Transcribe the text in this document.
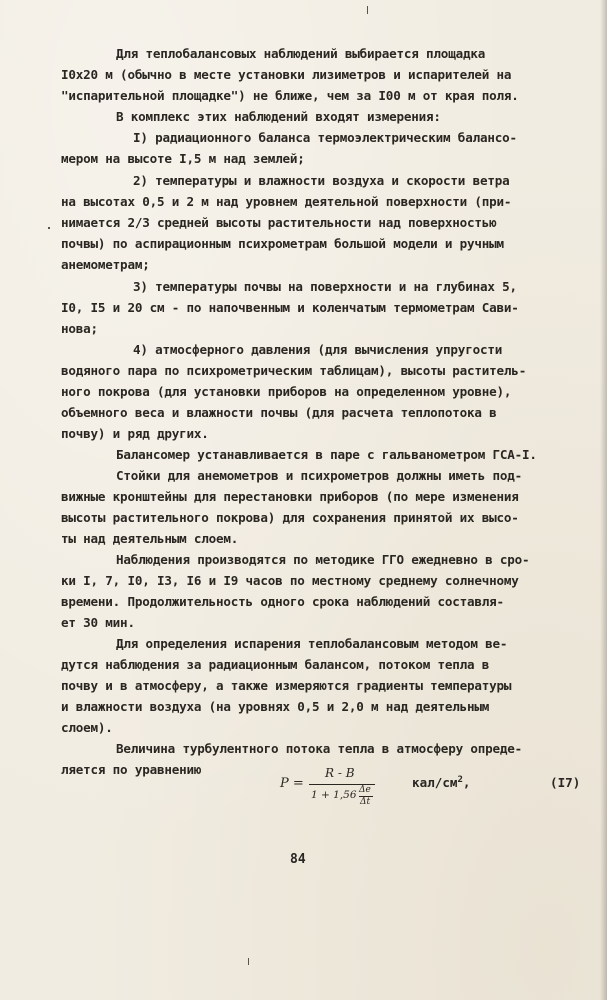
Для теплобалансовых наблюдений выбирается площадка
I0х20 м (обычно в месте установки лизиметров и испарителей на
"испарительной площадке") не ближе, чем за I00 м от края поля.
В комплекс этих наблюдений входят измерения:
I) радиационного баланса термоэлектрическим балансо-
мером на высоте I,5 м над землей;
2) температуры и влажности воздуха и скорости ветра
на высотах 0,5 и 2 м над уровнем деятельной поверхности (при-
нимается 2/3 средней высоты растительности над поверхностью
почвы) по аспирационным психрометрам большой модели и ручным
анемометрам;
3) температуры почвы на поверхности и на глубинах 5,
I0, I5 и 20 см - по напочвенным и коленчатым термометрам Сави-
нова;
4) атмосферного давления (для вычисления упругости
водяного пара по психрометрическим таблицам), высоты раститель-
ного покрова (для установки приборов на определенном уровне),
объемного веса и влажности почвы (для расчета теплопотока в
почву) и ряд других.
Балансомер устанавливается в паре с гальванометром ГСА-I.
Стойки для анемометров и психрометров должны иметь под-
вижные кронштейны для перестановки приборов (по мере изменения
высоты растительного покрова) для сохранения принятой их высо-
ты над деятельным слоем.
Наблюдения производятся по методике ГГО ежедневно в сро-
ки I, 7, I0, I3, I6 и I9 часов по местному среднему солнечному
времени. Продолжительность одного срока наблюдений составля-
ет 30 мин.
Для определения испарения теплобалансовым методом ве-
дутся наблюдения за радиационным балансом, потоком тепла в
почву и в атмосферу, а также измеряются градиенты температуры
и влажности воздуха (на уровнях 0,5 и 2,0 м над деятельным
слоем).
Величина турбулентного потока тепла в атмосферу опреде-
ляется по уравнению
P =
R - B
1 + 1,56 Δe
Δt
кал/$см^2$,	(I7)
84
